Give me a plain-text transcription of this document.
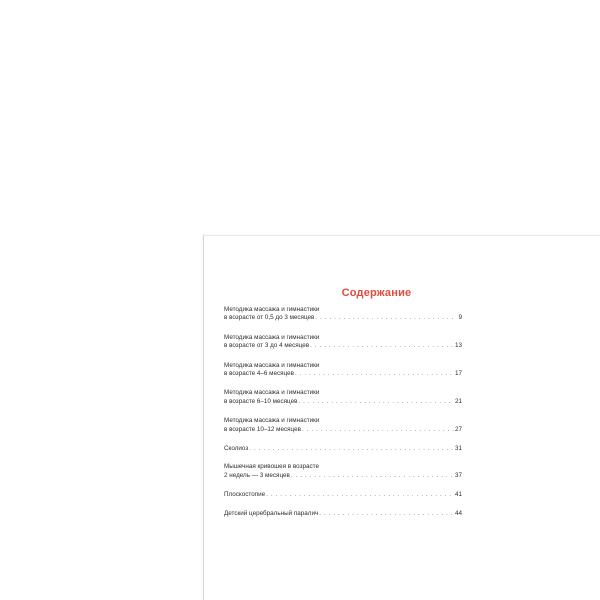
Содержание
Методика массажа и гимнастики
в возрасте от 0,5 до 3 месяцев . . .	9
Методика массажа и гимнастики
в возрасте от 3 до 4 месяцев . . .	13
Методика массажа и гимнастики
в возрасте 4–6 месяцев . . .	17
Методика массажа и гимнастики
в возрасте 6–10 месяцев . . .	21
Методика массажа и гимнастики
в возрасте 10–12 месяцев . . .	27
Сколиоз . . .	31
Мышечная кривошея в возрасте
2 недель — 3 месяцев . . .	37
Плоскостопие . . .	41
Детский церебральный паралич . . .	44
